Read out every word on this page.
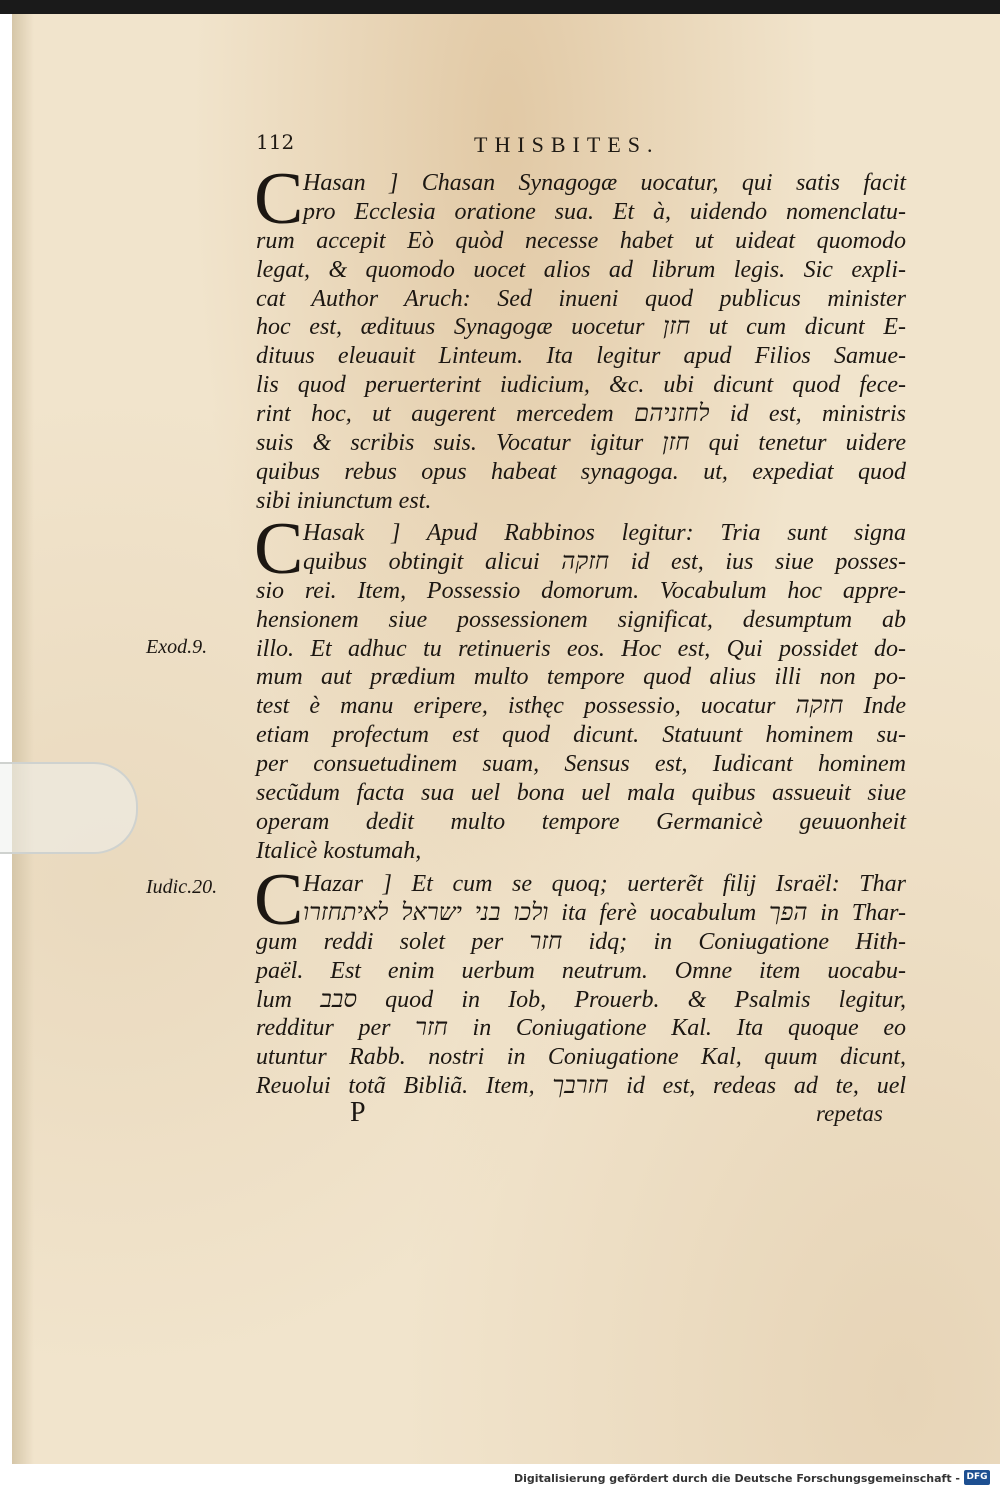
112	THISBITES.
C Hasan ] Chasan Synagogæ uocatur, qui satis facit
pro Ecclesia oratione sua. Et à, uidendo nomenclatu-
rum accepit Eò quòd necesse habet ut uideat quomodo
legat, & quomodo uocet alios ad librum legis. Sic expli-
cat Author Aruch: Sed inueni quod publicus minister
hoc est, ædituus Synagogæ uocetur חזן ut cum dicunt E-
dituus eleuauit Linteum. Ita legitur apud Filios Samue-
lis quod peruerterint iudicium, &c. ubi dicunt quod fece-
rint hoc, ut augerent mercedem לחזניהם id est, ministris
suis & scribis suis. Vocatur igitur חזן qui tenetur uidere
quibus rebus opus habeat synagoga. ut, expediat quod
sibi iniunctum est.
C Hasak ] Apud Rabbinos legitur: Tria sunt signa
quibus obtingit alicui חזקה id est, ius siue posses-
sio rei. Item, Possessio domorum. Vocabulum hoc appre-
hensionem siue possessionem significat, desumptum ab
illo. Et adhuc tu retinueris eos. Hoc est, Qui possidet do-
mum aut prædium multo tempore quod alius illi non po-
test è manu eripere, isthęc possessio, uocatur חזקה Inde
etiam profectum est quod dicunt. Statuunt hominem su-
per consuetudinem suam, Sensus est, Iudicant hominem
secũdum facta sua uel bona uel mala quibus assueuit siue
operam dedit multo tempore Germanicè geuuonheit
Italicè kostumah,
C Hazar ] Et cum se quoq; uerterẽt filij Israël: Thar
ולכו בני ישראל לאיתחזרו ita ferè uocabulum הפך in Thar-
gum reddi solet per חזר idq; in Coniugatione Hith-
paël. Est enim uerbum neutrum. Omne item uocabu-
lum סבב quod in Iob, Prouerb. & Psalmis legitur,
redditur per חזר in Coniugatione Kal. Ita quoque eo
utuntur Rabb. nostri in Coniugatione Kal, quum dicunt,
Reuolui totã Bibliã. Item, חזרבך id est, redeas ad te, uel
Exod.9.
Iudic.20.
P	repetas
Digitalisierung gefördert durch die Deutsche Forschungsgemeinschaft - DFG
